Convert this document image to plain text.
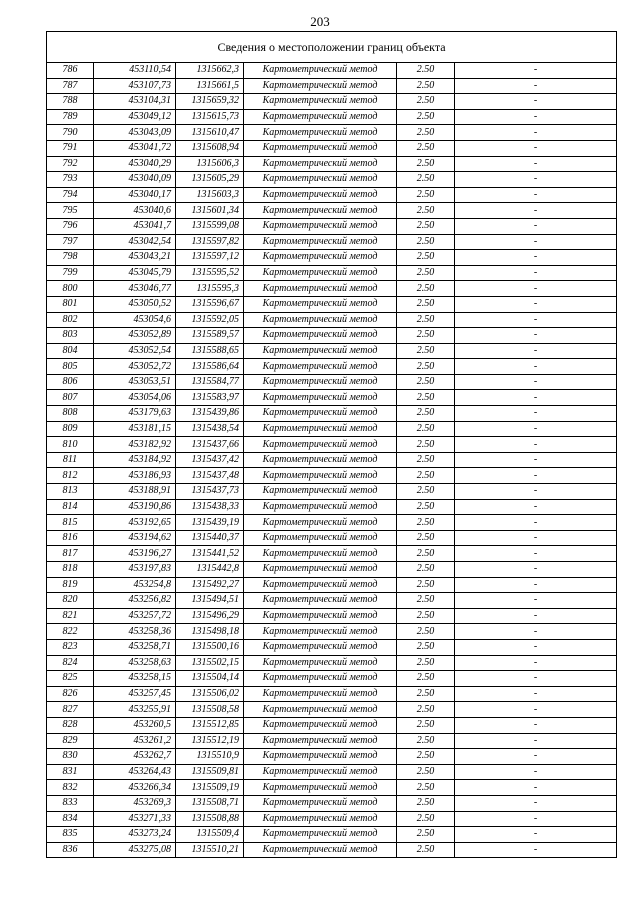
203
Сведения о местоположении границ объекта					
786	453110,54	1315662,3	Картометрический метод	2.50	-
787	453107,73	1315661,5	Картометрический метод	2.50	-
788	453104,31	1315659,32	Картометрический метод	2.50	-
789	453049,12	1315615,73	Картометрический метод	2.50	-
790	453043,09	1315610,47	Картометрический метод	2.50	-
791	453041,72	1315608,94	Картометрический метод	2.50	-
792	453040,29	1315606,3	Картометрический метод	2.50	-
793	453040,09	1315605,29	Картометрический метод	2.50	-
794	453040,17	1315603,3	Картометрический метод	2.50	-
795	453040,6	1315601,34	Картометрический метод	2.50	-
796	453041,7	1315599,08	Картометрический метод	2.50	-
797	453042,54	1315597,82	Картометрический метод	2.50	-
798	453043,21	1315597,12	Картометрический метод	2.50	-
799	453045,79	1315595,52	Картометрический метод	2.50	-
800	453046,77	1315595,3	Картометрический метод	2.50	-
801	453050,52	1315596,67	Картометрический метод	2.50	-
802	453054,6	1315592,05	Картометрический метод	2.50	-
803	453052,89	1315589,57	Картометрический метод	2.50	-
804	453052,54	1315588,65	Картометрический метод	2.50	-
805	453052,72	1315586,64	Картометрический метод	2.50	-
806	453053,51	1315584,77	Картометрический метод	2.50	-
807	453054,06	1315583,97	Картометрический метод	2.50	-
808	453179,63	1315439,86	Картометрический метод	2.50	-
809	453181,15	1315438,54	Картометрический метод	2.50	-
810	453182,92	1315437,66	Картометрический метод	2.50	-
811	453184,92	1315437,42	Картометрический метод	2.50	-
812	453186,93	1315437,48	Картометрический метод	2.50	-
813	453188,91	1315437,73	Картометрический метод	2.50	-
814	453190,86	1315438,33	Картометрический метод	2.50	-
815	453192,65	1315439,19	Картометрический метод	2.50	-
816	453194,62	1315440,37	Картометрический метод	2.50	-
817	453196,27	1315441,52	Картометрический метод	2.50	-
818	453197,83	1315442,8	Картометрический метод	2.50	-
819	453254,8	1315492,27	Картометрический метод	2.50	-
820	453256,82	1315494,51	Картометрический метод	2.50	-
821	453257,72	1315496,29	Картометрический метод	2.50	-
822	453258,36	1315498,18	Картометрический метод	2.50	-
823	453258,71	1315500,16	Картометрический метод	2.50	-
824	453258,63	1315502,15	Картометрический метод	2.50	-
825	453258,15	1315504,14	Картометрический метод	2.50	-
826	453257,45	1315506,02	Картометрический метод	2.50	-
827	453255,91	1315508,58	Картометрический метод	2.50	-
828	453260,5	1315512,85	Картометрический метод	2.50	-
829	453261,2	1315512,19	Картометрический метод	2.50	-
830	453262,7	1315510,9	Картометрический метод	2.50	-
831	453264,43	1315509,81	Картометрический метод	2.50	-
832	453266,34	1315509,19	Картометрический метод	2.50	-
833	453269,3	1315508,71	Картометрический метод	2.50	-
834	453271,33	1315508,88	Картометрический метод	2.50	-
835	453273,24	1315509,4	Картометрический метод	2.50	-
836	453275,08	1315510,21	Картометрический метод	2.50	-
